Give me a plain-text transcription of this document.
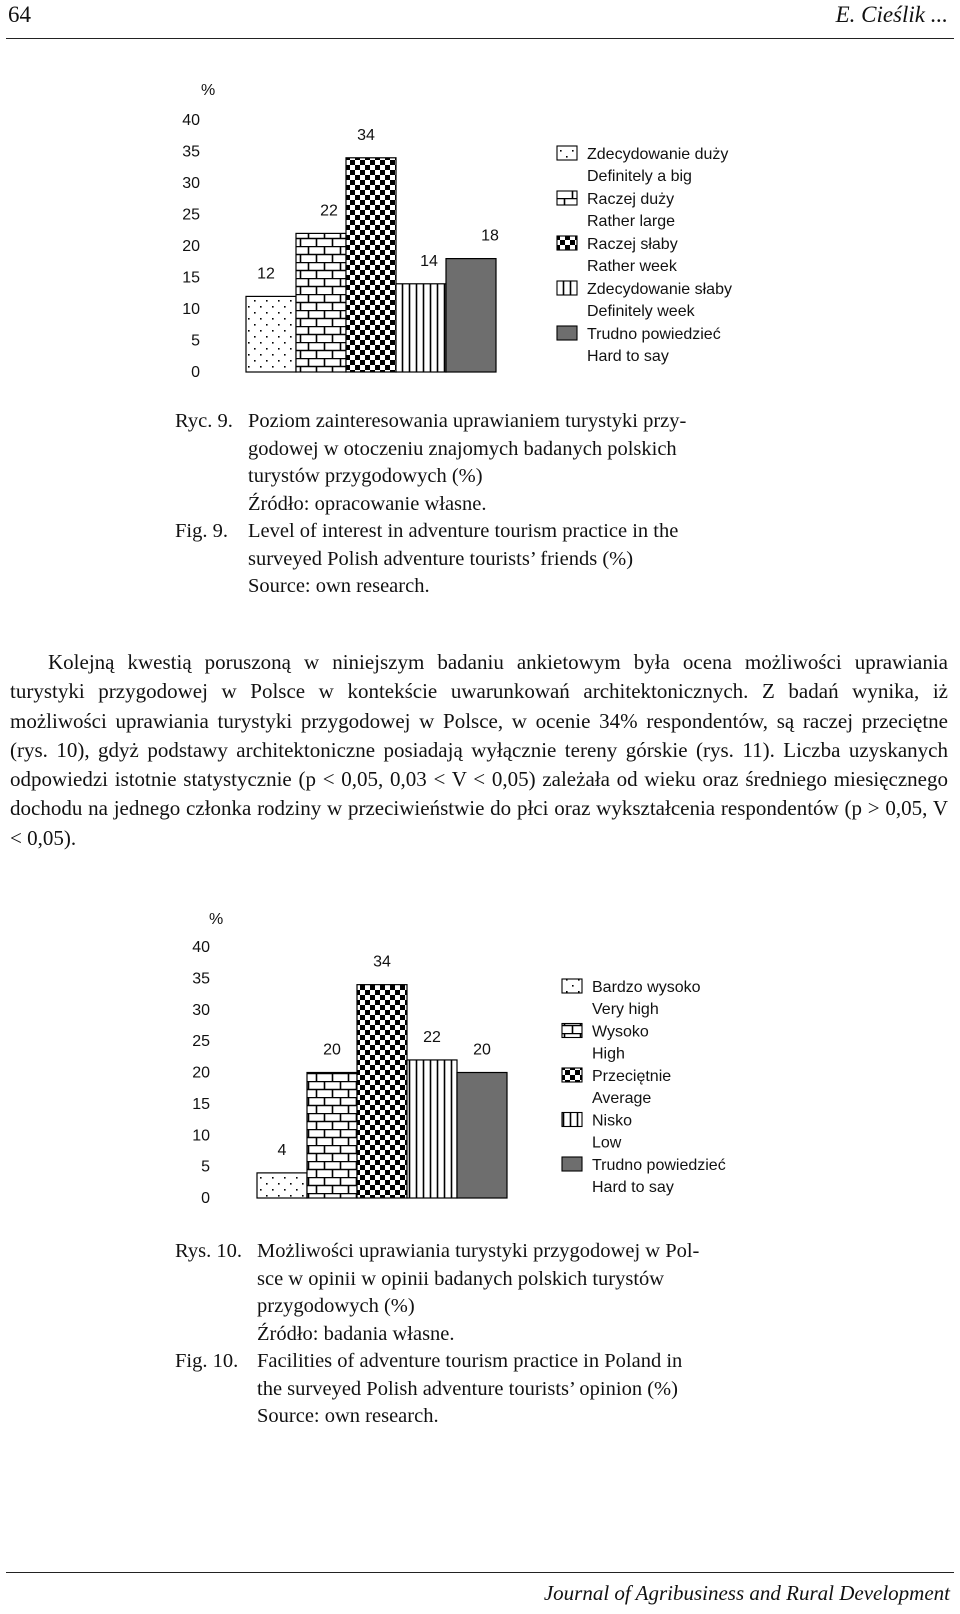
64	E. Cieślik ...
%
40
35
30
25
20
15
10
5
0
12
22
34
14
18
Zdecydowanie duży
Definitely a big
Raczej duży
Rather large
Raczej słaby
Rather week
Zdecydowanie słaby
Definitely week
Trudno powiedzieć
Hard to say
Ryc. 9. Poziom zainteresowania uprawianiem turystyki przy-
godowej w otoczeniu znajomych badanych polskich
turystów przygodowych (%)
Źródło: opracowanie własne.
Fig. 9. Level of interest in adventure tourism practice in the
surveyed Polish adventure tourists’ friends (%)
Source: own research.
Kolejną kwestią poruszoną w niniejszym badaniu ankietowym była ocena możliwości uprawiania turystyki przygodowej w Polsce w kontekście uwarunkowań architektonicznych. Z badań wynika, iż możliwości uprawiania turystyki przygodowej w Polsce, w ocenie 34% respondentów, są raczej przeciętne (rys. 10), gdyż podstawy architektoniczne posiadają wyłącznie tereny górskie (rys. 11). Liczba uzyskanych odpowiedzi istotnie statystycznie (p < 0,05, 0,03 < V < 0,05) zależała od wieku oraz średniego miesięcznego dochodu na jednego członka rodziny w przeciwieństwie do płci oraz wykształcenia respondentów (p > 0,05, V < 0,05).
%
40
35
30
25
20
15
10
5
0
4
20
34
22
20
Bardzo wysoko
Very high
Wysoko
High
Przeciętnie
Average
Nisko
Low
Trudno powiedzieć
Hard to say
Rys. 10. Możliwości uprawiania turystyki przygodowej w Pol-
sce w opinii w opinii badanych polskich turystów
przygodowych (%)
Źródło: badania własne.
Fig. 10. Facilities of adventure tourism practice in Poland in
the surveyed Polish adventure tourists’ opinion (%)
Source: own research.
Journal of Agribusiness and Rural Development
